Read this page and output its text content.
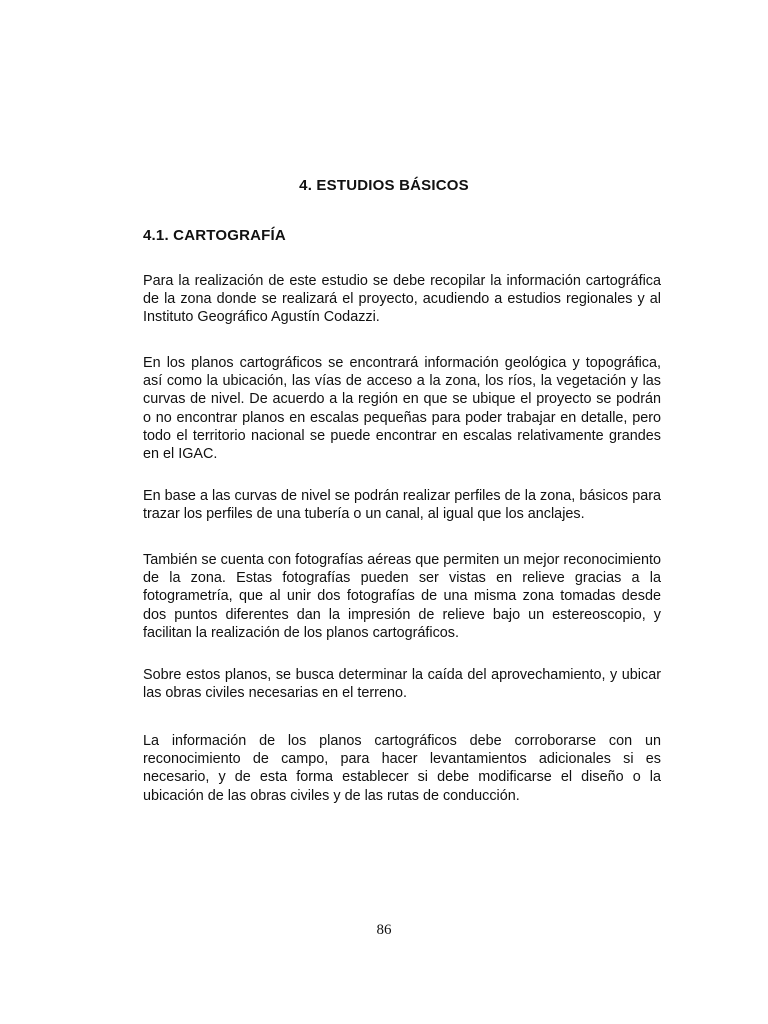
4. ESTUDIOS BÁSICOS
4.1. CARTOGRAFÍA

Para la realización de este estudio se debe recopilar la información cartográfica de la zona donde se realizará el proyecto, acudiendo a estudios regionales y al Instituto Geográfico Agustín Codazzi.

En los planos cartográficos se encontrará información geológica y topográfica, así como la ubicación, las vías de acceso a la zona, los ríos, la vegetación y las curvas de nivel. De acuerdo a la región en que se ubique el proyecto se podrán o no encontrar planos en escalas pequeñas para poder trabajar en detalle, pero todo el territorio nacional se puede encontrar en escalas relativamente grandes en el IGAC.

En base a las curvas de nivel se podrán realizar perfiles de la zona, básicos para trazar los perfiles de una tubería o un canal, al igual que los anclajes.

También se cuenta con fotografías aéreas que permiten un mejor reconocimiento de la zona. Estas fotografías pueden ser vistas en relieve gracias a la fotogrametría, que al unir dos fotografías de una misma zona tomadas desde dos puntos diferentes dan la impresión de relieve bajo un estereoscopio, y facilitan la realización de los planos cartográficos.

Sobre estos planos, se busca determinar la caída del aprovechamiento, y ubicar las obras civiles necesarias en el terreno.

La información de los planos cartográficos debe corroborarse con un reconocimiento de campo, para hacer levantamientos adicionales si es necesario, y de esta forma establecer si debe modificarse el diseño o la ubicación de las obras civiles y de las rutas de conducción.

86
